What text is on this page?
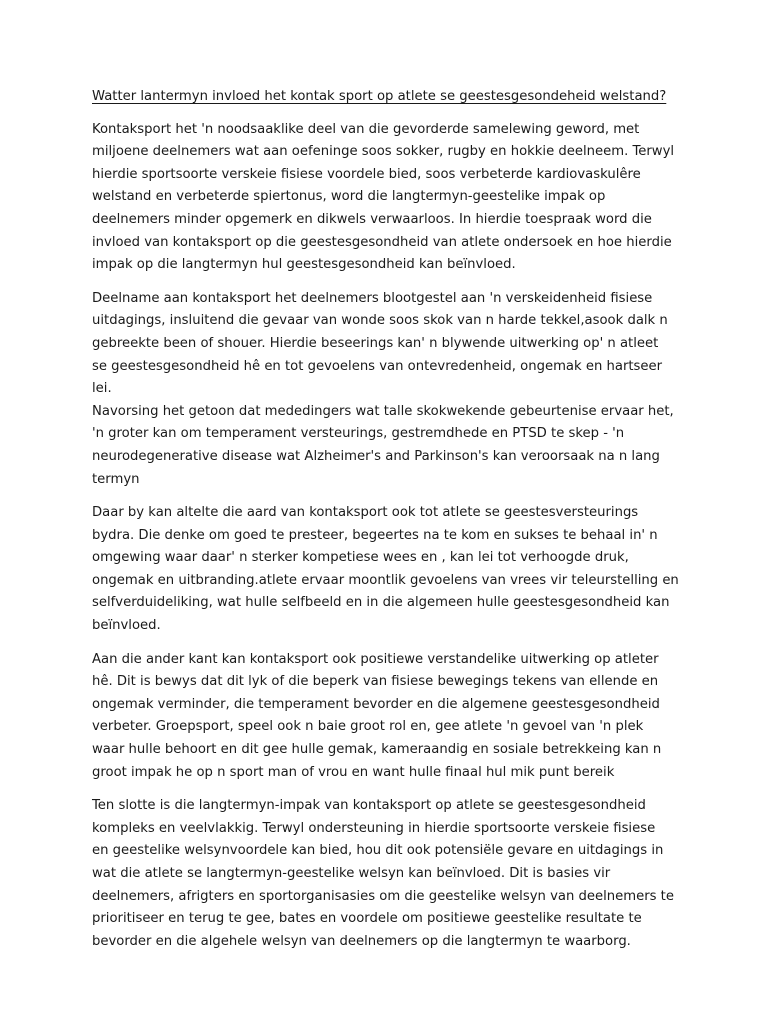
Watter lantermyn invloed het kontak sport op atlete se geestesgesondeheid welstand?

Kontaksport het 'n noodsaaklike deel van die gevorderde samelewing geword, met
miljoene deelnemers wat aan oefeninge soos sokker, rugby en hokkie deelneem. Terwyl
hierdie sportsoorte verskeie fisiese voordele bied, soos verbeterde kardiovaskulêre
welstand en verbeterde spiertonus, word die langtermyn-geestelike impak op
deelnemers minder opgemerk en dikwels verwaarloos. In hierdie toespraak word die
invloed van kontaksport op die geestesgesondheid van atlete ondersoek en hoe hierdie
impak op die langtermyn hul geestesgesondheid kan beïnvloed.

Deelname aan kontaksport het deelnemers blootgestel aan 'n verskeidenheid fisiese
uitdagings, insluitend die gevaar van wonde soos skok van n harde tekkel,asook dalk n
gebreekte been of shouer. Hierdie beseerings kan' n blywende uitwerking op' n atleet
se geestesgesondheid hê en tot gevoelens van ontevredenheid, ongemak en hartseer lei.
Navorsing het getoon dat mededingers wat talle skokwekende gebeurtenise ervaar het,
'n groter kan om temperament versteurings, gestremdhede en PTSD te skep - 'n
neurodegenerative disease wat Alzheimer's and Parkinson's kan veroorsaak na n lang
termyn

Daar by kan altelte die aard van kontaksport ook tot atlete se geestesversteurings
bydra. Die denke om goed te presteer, begeertes na te kom en sukses te behaal in' n
omgewing waar daar' n sterker kompetiese wees en , kan lei tot verhoogde druk,
ongemak en uitbranding.atlete ervaar moontlik gevoelens van vrees vir teleurstelling en
selfverduideliking, wat hulle selfbeeld en in die algemeen hulle geestesgesondheid kan
beïnvloed.

Aan die ander kant kan kontaksport ook positiewe verstandelike uitwerking op atleter
hê. Dit is bewys dat dit lyk of die beperk van fisiese bewegings tekens van ellende en
ongemak verminder, die temperament bevorder en die algemene geestesgesondheid
verbeter. Groepsport, speel ook n baie groot rol en, gee atlete 'n gevoel van 'n plek
waar hulle behoort en dit gee hulle gemak, kameraandig en sosiale betrekkeing kan n
groot impak he op n sport man of vrou en want hulle finaal hul mik punt bereik

Ten slotte is die langtermyn-impak van kontaksport op atlete se geestesgesondheid
kompleks en veelvlakkig. Terwyl ondersteuning in hierdie sportsoorte verskeie fisiese
en geestelike welsynvoordele kan bied, hou dit ook potensiële gevare en uitdagings in
wat die atlete se langtermyn-geestelike welsyn kan beïnvloed. Dit is basies vir
deelnemers, afrigters en sportorganisasies om die geestelike welsyn van deelnemers te
prioritiseer en terug te gee, bates en voordele om positiewe geestelike resultate te
bevorder en die algehele welsyn van deelnemers op die langtermyn te waarborg.
